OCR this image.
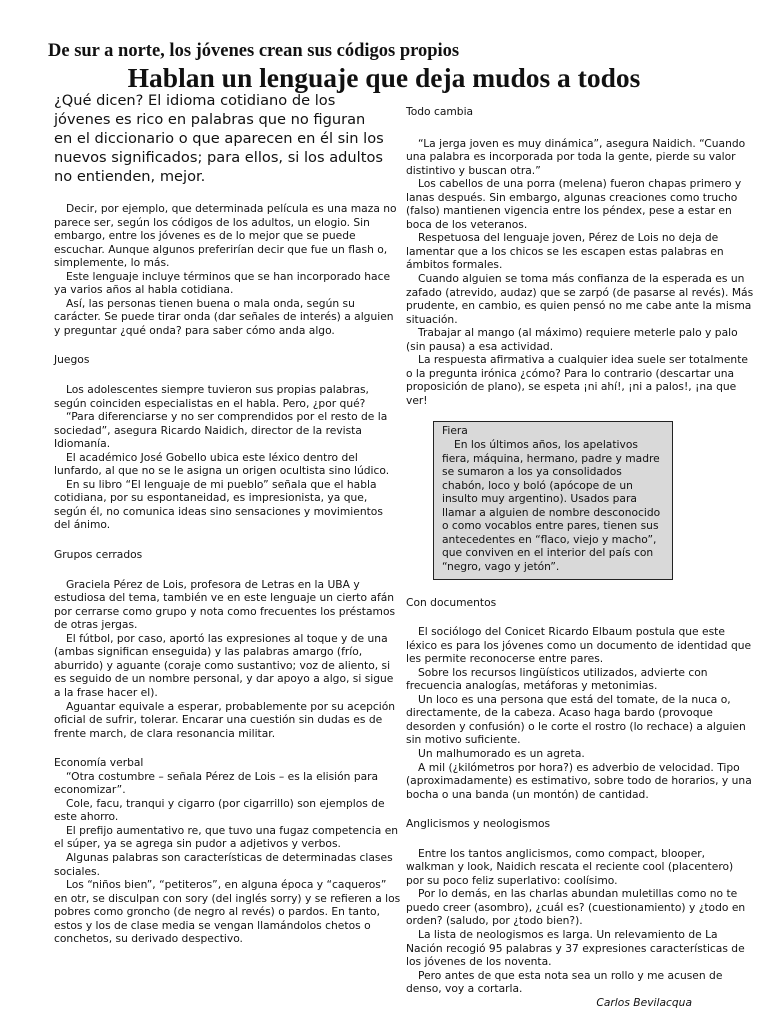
De sur a norte, los jóvenes crean sus códigos propios
Hablan un lenguaje que deja mudos a todos
¿Qué dicen? El idioma cotidiano de los jóvenes es rico en palabras que no figuran en el diccionario o que aparecen en él sin los nuevos significados; para ellos, si los adultos no entienden, mejor.

Decir, por ejemplo, que determinada película es una maza no parece ser, según los códigos de los adultos, un elogio. Sin embargo, entre los jóvenes es de lo mejor que se puede escuchar. Aunque algunos preferirían decir que fue un flash o, simplemente, lo más.

Este lenguaje incluye términos que se han incorporado hace ya varios años al habla cotidiana.

Así, las personas tienen buena o mala onda, según su carácter. Se puede tirar onda (dar señales de interés) a alguien y preguntar ¿qué onda? para saber cómo anda algo.

Juegos

Los adolescentes siempre tuvieron sus propias palabras, según coinciden especialistas en el habla. Pero, ¿por qué?

“Para diferenciarse y no ser comprendidos por el resto de la sociedad”, asegura Ricardo Naidich, director de la revista Idiomanía.

El académico José Gobello ubica este léxico dentro del lunfardo, al que no se le asigna un origen ocultista sino lúdico.

En su libro “El lenguaje de mi pueblo” señala que el habla cotidiana, por su espontaneidad, es impresionista, ya que, según él, no comunica ideas sino sensaciones y movimientos del ánimo.

Grupos cerrados

Graciela Pérez de Lois, profesora de Letras en la UBA y estudiosa del tema, también ve en este lenguaje un cierto afán por cerrarse como grupo y nota como frecuentes los préstamos de otras jergas.

El fútbol, por caso, aportó las expresiones al toque y de una (ambas significan enseguida) y las palabras amargo (frío, aburrido) y aguante (coraje como sustantivo; voz de aliento, si es seguido de un nombre personal, y dar apoyo a algo, si sigue a la frase hacer el).

Aguantar equivale a esperar, probablemente por su acepción oficial de sufrir, tolerar. Encarar una cuestión sin dudas es de frente march, de clara resonancia militar.

Economía verbal

“Otra costumbre – señala Pérez de Lois – es la elisión para economizar”.

Cole, facu, tranqui y cigarro (por cigarrillo) son ejemplos de este ahorro.

El prefijo aumentativo re, que tuvo una fugaz competencia en el súper, ya se agrega sin pudor a adjetivos y verbos.

Algunas palabras son características de determinadas clases sociales.

Los “niños bien”, “petiteros”, en alguna época y “caqueros” en otr, se disculpan con sory (del inglés sorry) y se refieren a los pobres como groncho (de negro al revés) o pardos. En tanto, estos y los de clase media se vengan llamándolos chetos o conchetos, su derivado despectivo.

Todo cambia

“La jerga joven es muy dinámica”, asegura Naidich. “Cuando una palabra es incorporada por toda la gente, pierde su valor distintivo y buscan otra.”

Los cabellos de una porra (melena) fueron chapas primero y lanas después. Sin embargo, algunas creaciones como trucho (falso) mantienen vigencia entre los péndex, pese a estar en boca de los veteranos.

Respetuosa del lenguaje joven, Pérez de Lois no deja de lamentar que a los chicos se les escapen estas palabras en ámbitos formales.

Cuando alguien se toma más confianza de la esperada es un zafado (atrevido, audaz) que se zarpó (de pasarse al revés). Más prudente, en cambio, es quien pensó no me cabe ante la misma situación.

Trabajar al mango (al máximo) requiere meterle palo y palo (sin pausa) a esa actividad.

La respuesta afirmativa a cualquier idea suele ser totalmente o la pregunta irónica ¿cómo? Para lo contrario (descartar una proposición de plano), se espeta ¡ni ahí!, ¡ni a palos!, ¡na que ver!

Fiera

En los últimos años, los apelativos fiera, máquina, hermano, padre y madre se sumaron a los ya consolidados chabón, loco y boló (apócope de un insulto muy argentino). Usados para llamar a alguien de nombre desconocido o como vocablos entre pares, tienen sus antecedentes en “flaco, viejo y macho”, que conviven en el interior del país con “negro, vago y jetón”.

Con documentos

El sociólogo del Conicet Ricardo Elbaum postula que este léxico es para los jóvenes como un documento de identidad que les permite reconocerse entre pares.

Sobre los recursos lingüísticos utilizados, advierte con frecuencia analogías, metáforas y metonimias.

Un loco es una persona que está del tomate, de la nuca o, directamente, de la cabeza. Acaso haga bardo (provoque desorden y confusión) o le corte el rostro (lo rechace) a alguien sin motivo suficiente.

Un malhumorado es un agreta.

A mil (¿kilómetros por hora?) es adverbio de velocidad. Tipo (aproximadamente) es estimativo, sobre todo de horarios, y una bocha o una banda (un montón) de cantidad.

Anglicismos y neologismos

Entre los tantos anglicismos, como compact, blooper, walkman y look, Naidich rescata el reciente cool (placentero) por su poco feliz superlativo: coolísimo.

Por lo demás, en las charlas abundan muletillas como no te puedo creer (asombro), ¿cuál es? (cuestionamiento) y ¿todo en orden? (saludo, por ¿todo bien?).

La lista de neologismos es larga. Un relevamiento de La Nación recogió 95 palabras y 37 expresiones características de los jóvenes de los noventa.

Pero antes de que esta nota sea un rollo y me acusen de denso, voy a cortarla.

Carlos Bevilacqua
